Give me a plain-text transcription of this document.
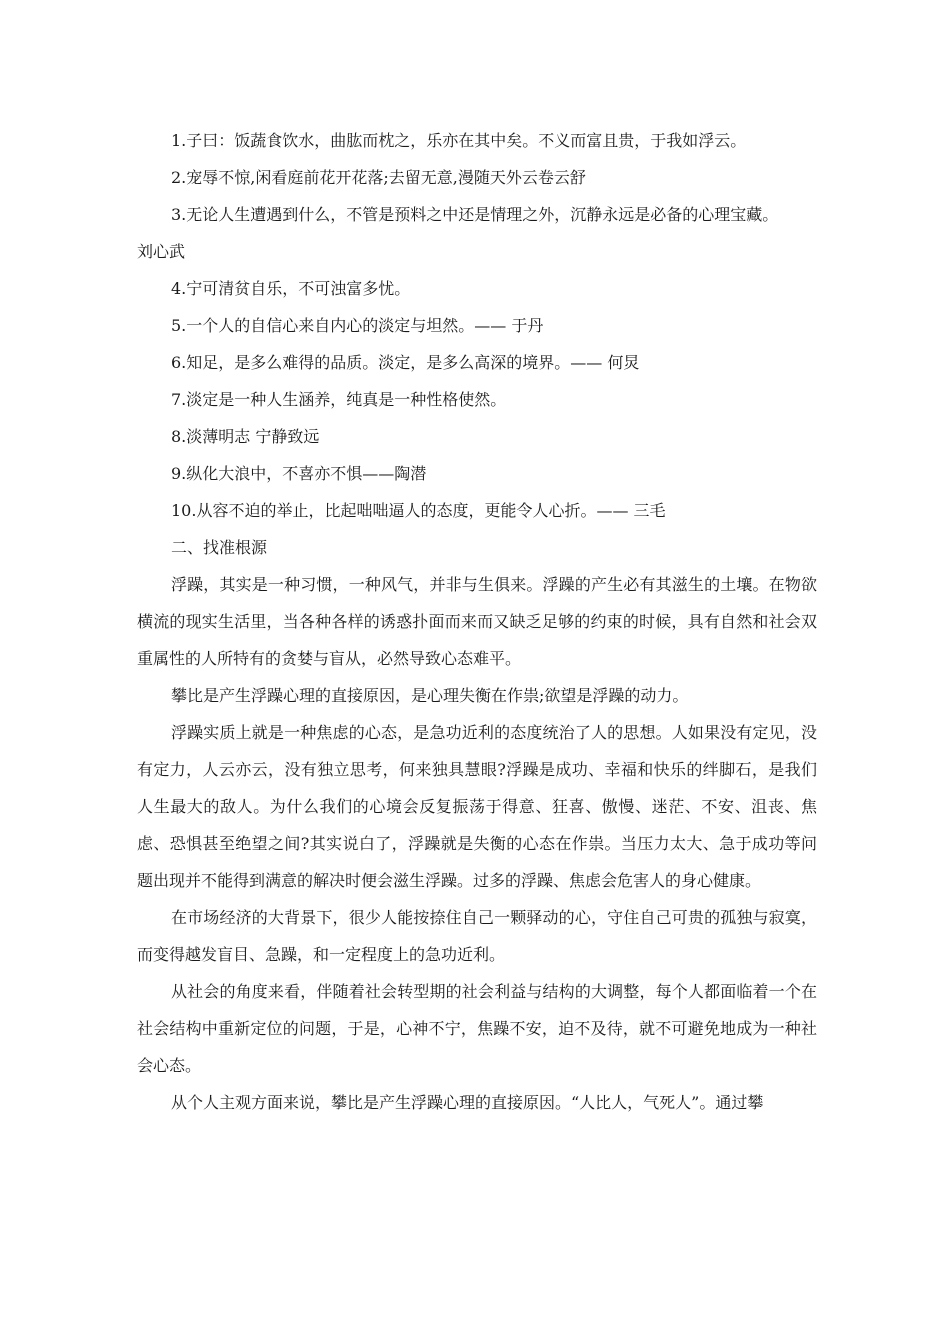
1.子曰：饭蔬食饮水，曲肱而枕之，乐亦在其中矣。不义而富且贵，于我如浮云。

2.宠辱不惊,闲看庭前花开花落;去留无意,漫随天外云卷云舒

3.无论人生遭遇到什么，不管是预料之中还是情理之外，沉静永远是必备的心理宝藏。

刘心武

4.宁可清贫自乐，不可浊富多忧。

5.一个人的自信心来自内心的淡定与坦然。—— 于丹

6.知足，是多么难得的品质。淡定，是多么高深的境界。—— 何炅

7.淡定是一种人生涵养，纯真是一种性格使然。

8.淡薄明志 宁静致远

9.纵化大浪中，不喜亦不惧——陶潜

10.从容不迫的举止，比起咄咄逼人的态度，更能令人心折。—— 三毛

二、找准根源

浮躁，其实是一种习惯，一种风气，并非与生俱来。浮躁的产生必有其滋生的土壤。在物欲横流的现实生活里，当各种各样的诱惑扑面而来而又缺乏足够的约束的时候，具有自然和社会双重属性的人所特有的贪婪与盲从，必然导致心态难平。

攀比是产生浮躁心理的直接原因，是心理失衡在作祟;欲望是浮躁的动力。

浮躁实质上就是一种焦虑的心态，是急功近利的态度统治了人的思想。人如果没有定见，没有定力，人云亦云，没有独立思考，何来独具慧眼?浮躁是成功、幸福和快乐的绊脚石，是我们人生最大的敌人。为什么我们的心境会反复振荡于得意、狂喜、傲慢、迷茫、不安、沮丧、焦虑、恐惧甚至绝望之间?其实说白了，浮躁就是失衡的心态在作祟。当压力太大、急于成功等问题出现并不能得到满意的解决时便会滋生浮躁。过多的浮躁、焦虑会危害人的身心健康。

在市场经济的大背景下，很少人能按捺住自己一颗驿动的心，守住自己可贵的孤独与寂寞，而变得越发盲目、急躁，和一定程度上的急功近利。

从社会的角度来看，伴随着社会转型期的社会利益与结构的大调整，每个人都面临着一个在社会结构中重新定位的问题，于是，心神不宁，焦躁不安，迫不及待，就不可避免地成为一种社会心态。

从个人主观方面来说，攀比是产生浮躁心理的直接原因。“人比人，气死人”。通过攀
